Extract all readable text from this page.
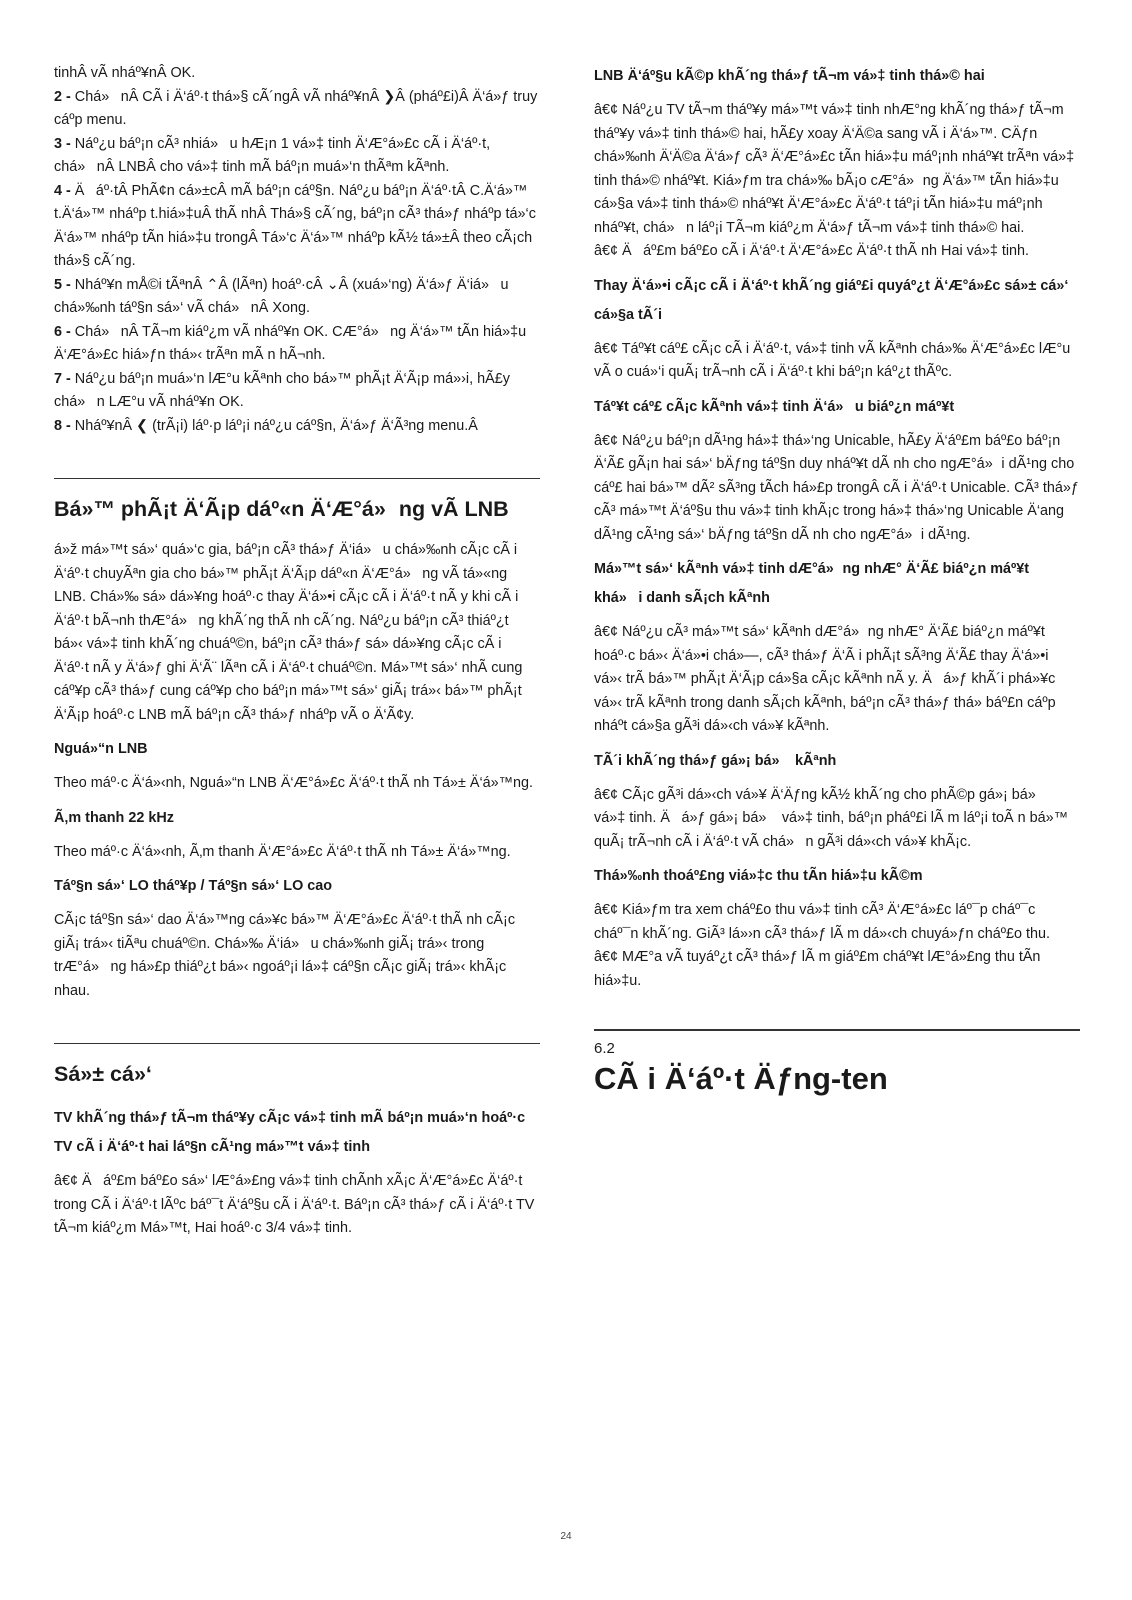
tinhÂ vÃ nháº¥nÂ OK.

2 - Chá»nÂ CÃ i Ä‘áº·t thá»§ cÃ´ngÂ vÃ nháº¥nÂ ❯Â (pháº£i)Â Ä‘á»ƒ truy cáºp menu.

3 - Náº¿u báº¡n cÃ³ nhiá»u hÆ¡n 1 vá»‡ tinh Ä‘Æ°á»£c cÃ i Ä‘áº·t, chá»nÂ LNBÂ cho vá»‡ tinh mÃ báº¡n muá»‘n thÃªm kÃªnh.

4 - Äáº·tÂ PhÃ¢n cá»±cÂ mÃ báº¡n cáº§n. Náº¿u báº¡n Ä‘áº·tÂ C.Ä‘á»™ t.Ä‘á»™ nháºp t.hiá»‡uÂ thÃ nhÂ Thá»§ cÃ´ng, báº¡n cÃ³ thá»ƒ nháºp tá»‘c Ä‘á»™ nháºp tÃn hiá»‡u trongÂ Tá»‘c Ä‘á»™ nháºp kÃ½ tá»±Â theo cÃ¡ch thá»§ cÃ´ng.

5 - Nháº¥n mÅ©i tÃªnÂ ⌃Â (lÃªn) hoáº·cÂ ⌄Â (xuá»‘ng) Ä‘á»ƒ Ä‘iá»u chá»‰nh táº§n sá»‘ vÃ chá»nÂ Xong.

6 - Chá»nÂ TÃ¬m kiáº¿m vÃ nháº¥n OK. CÆ°á»ng Ä‘á»™ tÃn hiá»‡u Ä‘Æ°á»£c hiá»ƒn thá»‹ trÃªn mÃ n hÃ¬nh.

7 - Náº¿u báº¡n muá»‘n lÆ°u kÃªnh cho bá»™ phÃ¡t Ä‘Ã¡p má»›i, hÃ£y chá»n LÆ°u vÃ nháº¥n OK.

8 - Nháº¥nÂ ❮ (trÃ¡i) láº·p láº¡i náº¿u cáº§n, Ä‘á»ƒ Ä‘Ã³ng menu.Â

Bá»™ phÃ¡t Ä‘Ã¡p dáº«n Ä‘Æ°á»ng vÃ LNB

á»ž má»™t sá»‘ quá»‘c gia, báº¡n cÃ³ thá»ƒ Ä‘iá»u chá»‰nh cÃ¡c cÃ i Ä‘áº·t chuyÃªn gia cho bá»™ phÃ¡t Ä‘Ã¡p dáº«n Ä‘Æ°á»ng vÃ tá»«ng LNB. Chá»‰ sá» dá»¥ng hoáº·c thay Ä‘á»•i cÃ¡c cÃ i Ä‘áº·t nÃ y khi cÃ i Ä‘áº·t bÃ¬nh thÆ°á»ng khÃ´ng thÃ nh cÃ´ng. Náº¿u báº¡n cÃ³ thiáº¿t bá»‹ vá»‡ tinh khÃ´ng chuáº©n, báº¡n cÃ³ thá»ƒ sá» dá»¥ng cÃ¡c cÃ i Ä‘áº·t nÃ y Ä‘á»ƒ ghi Ä‘Ã¨ lÃªn cÃ i Ä‘áº·t chuáº©n. Má»™t sá»‘ nhÃ cung cáº¥p cÃ³ thá»ƒ cung cáº¥p cho báº¡n má»™t sá»‘ giÃ¡ trá»‹ bá»™ phÃ¡t Ä‘Ã¡p hoáº·c LNB mÃ báº¡n cÃ³ thá»ƒ nháºp vÃ o Ä‘Ã¢y.

Nguá»“n LNB

Theo máº·c Ä‘á»‹nh, Nguá»“n LNB Ä‘Æ°á»£c Ä‘áº·t thÃ nh Tá»± Ä‘á»™ng.

Ã‚m thanh 22 kHz

Theo máº·c Ä‘á»‹nh, Ã‚m thanh Ä‘Æ°á»£c Ä‘áº·t thÃ nh Tá»± Ä‘á»™ng.

Táº§n sá»‘ LO tháº¥p / Táº§n sá»‘ LO cao

CÃ¡c táº§n sá»‘ dao Ä‘á»™ng cá»¥c bá»™ Ä‘Æ°á»£c Ä‘áº·t thÃ nh cÃ¡c giÃ¡ trá»‹ tiÃªu chuáº©n. Chá»‰ Ä‘iá»u chá»‰nh giÃ¡ trá»‹ trong trÆ°á»ng há»£p thiáº¿t bá»‹ ngoáº¡i lá»‡ cáº§n cÃ¡c giÃ¡ trá»‹ khÃ¡c nhau.

Sá»± cá»‘

TV khÃ´ng thá»ƒ tÃ¬m tháº¥y cÃ¡c vá»‡ tinh mÃ báº¡n muá»‘n hoáº·c TV cÃ i Ä‘áº·t hai láº§n cÃ¹ng má»™t vá»‡ tinh

â€¢ Äáº£m báº£o sá»‘ lÆ°á»£ng vá»‡ tinh chÃnh xÃ¡c Ä‘Æ°á»£c Ä‘áº·t trong CÃ i Ä‘áº·t lÃºc báº¯t Ä‘áº§u cÃ i Ä‘áº·t. Báº¡n cÃ³ thá»ƒ cÃ i Ä‘áº·t TV tÃ¬m kiáº¿m Má»™t, Hai hoáº·c 3/4 vá»‡ tinh.

LNB Ä‘áº§u kÃ©p khÃ´ng thá»ƒ tÃ¬m vá»‡ tinh thá»© hai

â€¢ Náº¿u TV tÃ¬m tháº¥y má»™t vá»‡ tinh nhÆ°ng khÃ´ng thá»ƒ tÃ¬m tháº¥y vá»‡ tinh thá»© hai, hÃ£y xoay Ä‘Ä©a sang vÃ i Ä‘á»™. CÄƒn chá»‰nh Ä‘Ä©a Ä‘á»ƒ cÃ³ Ä‘Æ°á»£c tÃn hiá»‡u máº¡nh nháº¥t trÃªn vá»‡ tinh thá»© nháº¥t. Kiá»ƒm tra chá»‰ bÃ¡o cÆ°á»ng Ä‘á»™ tÃn hiá»‡u cá»§a vá»‡ tinh thá»© nháº¥t Ä‘Æ°á»£c Ä‘áº·t táº¡i tÃn hiá»‡u máº¡nh nháº¥t, chá»n láº¡i TÃ¬m kiáº¿m Ä‘á»ƒ tÃ¬m vá»‡ tinh thá»© hai.

â€¢ Äáº£m báº£o cÃ i Ä‘áº·t Ä‘Æ°á»£c Ä‘áº·t thÃ nh Hai vá»‡ tinh.

Thay Ä‘á»•i cÃ¡c cÃ i Ä‘áº·t khÃ´ng giáº£i quyáº¿t Ä‘Æ°á»£c sá»± cá»‘ cá»§a tÃ´i

â€¢ Táº¥t cáº£ cÃ¡c cÃ i Ä‘áº·t, vá»‡ tinh vÃ kÃªnh chá»‰ Ä‘Æ°á»£c lÆ°u vÃ o cuá»‘i quÃ¡ trÃ¬nh cÃ i Ä‘áº·t khi báº¡n káº¿t thÃºc.

Táº¥t cáº£ cÃ¡c kÃªnh vá»‡ tinh Ä‘á»u biáº¿n máº¥t

â€¢ Náº¿u báº¡n dÃ¹ng há»‡ thá»‘ng Unicable, hÃ£y Ä‘áº£m báº£o báº¡n Ä‘Ã£ gÃ¡n hai sá»‘ bÄƒng táº§n duy nháº¥t dÃ nh cho ngÆ°á»i dÃ¹ng cho cáº£ hai bá»™ dÃ² sÃ³ng tÃch há»£p trongÂ cÃ i Ä‘áº·t Unicable. CÃ³ thá»ƒ cÃ³ má»™t Ä‘áº§u thu vá»‡ tinh khÃ¡c trong há»‡ thá»‘ng Unicable Ä‘ang dÃ¹ng cÃ¹ng sá»‘ bÄƒng táº§n dÃ nh cho ngÆ°á»i dÃ¹ng.

Má»™t sá»‘ kÃªnh vá»‡ tinh dÆ°á»ng nhÆ° Ä‘Ã£ biáº¿n máº¥t khá»i danh sÃ¡ch kÃªnh

â€¢ Náº¿u cÃ³ má»™t sá»‘ kÃªnh dÆ°á»ng nhÆ° Ä‘Ã£ biáº¿n máº¥t hoáº·c bá»‹ Ä‘á»•i chá»—, cÃ³ thá»ƒ Ä‘Ã i phÃ¡t sÃ³ng Ä‘Ã£ thay Ä‘á»•i vá»‹ trÃ bá»™ phÃ¡t Ä‘Ã¡p cá»§a cÃ¡c kÃªnh nÃ y. Äá»ƒ khÃ´i phá»¥c vá»‹ trÃ kÃªnh trong danh sÃ¡ch kÃªnh, báº¡n cÃ³ thá»ƒ thá» báº£n cáºp nháºt cá»§a gÃ³i dá»‹ch vá»¥ kÃªnh.

TÃ´i khÃ´ng thá»ƒ gá»¡ bá» kÃªnh

â€¢ CÃ¡c gÃ³i dá»‹ch vá»¥ Ä‘Äƒng kÃ½ khÃ´ng cho phÃ©p gá»¡ bá» vá»‡ tinh. Äá»ƒ gá»¡ bá» vá»‡ tinh, báº¡n pháº£i lÃ m láº¡i toÃ n bá»™ quÃ¡ trÃ¬nh cÃ i Ä‘áº·t vÃ chá»n gÃ³i dá»‹ch vá»¥ khÃ¡c.

Thá»‰nh thoáº£ng viá»‡c thu tÃn hiá»‡u kÃ©m

â€¢ Kiá»ƒm tra xem cháº£o thu vá»‡ tinh cÃ³ Ä‘Æ°á»£c láº¯p cháº¯c cháº¯n khÃ´ng. GiÃ³ lá»›n cÃ³ thá»ƒ lÃ m dá»‹ch chuyá»ƒn cháº£o thu.

â€¢ MÆ°a vÃ tuyáº¿t cÃ³ thá»ƒ lÃ m giáº£m cháº¥t lÆ°á»£ng thu tÃn hiá»‡u.

6.2

CÃ i Ä‘áº·t Äƒng-ten

24
